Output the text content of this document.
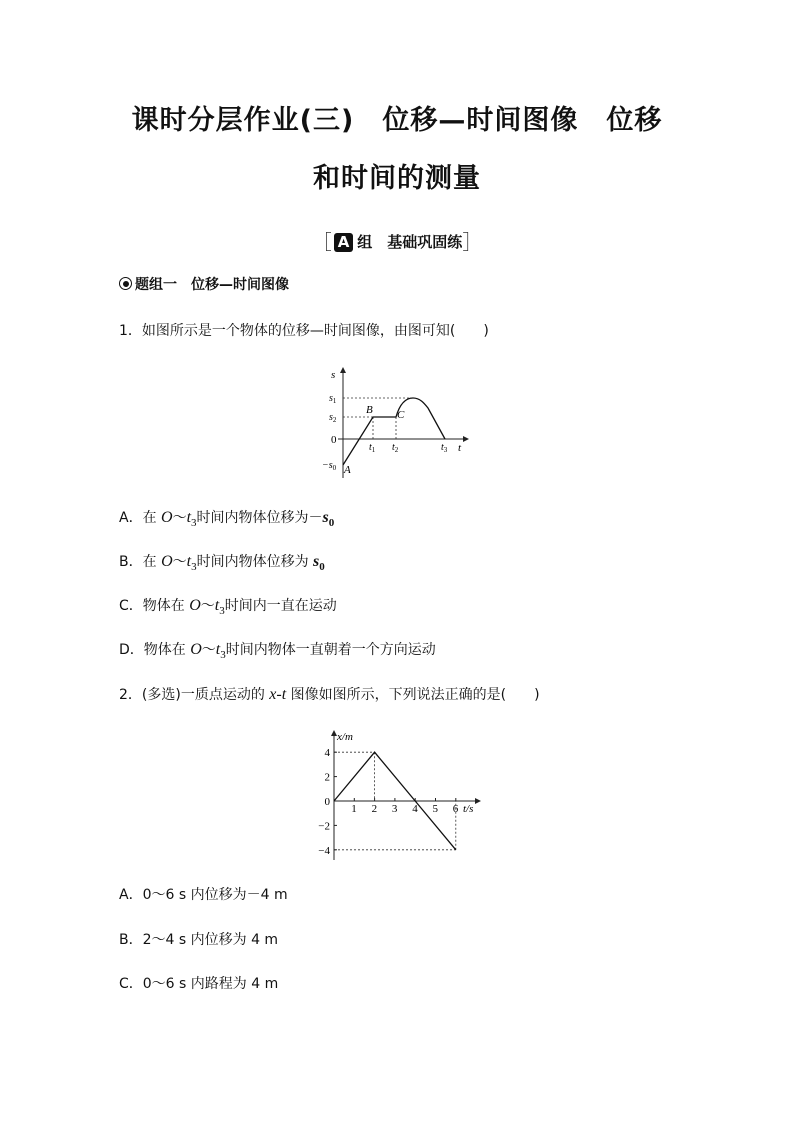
课时分层作业(三)　位移—时间图像　位移
和时间的测量
［ A 组　基础巩固练］
题组一　位移—时间图像
1．如图所示是一个物体的位移—时间图像，由图可知(　　)
s
t
$s_1$
$s_2$
0
$-s_0$
$t_1$ $t_2$	$t_3$
A
B C
A．在 $O\sim t_3$时间内物体位移为$-s_0$
B．在 $O\sim t_3$时间内物体位移为 $s_0$
C．物体在 $O\sim t_3$时间内一直在运动
D．物体在 $O\sim t_3$时间内物体一直朝着一个方向运动
2．(多选)一质点运动的 x-t 图像如图所示，下列说法正确的是(　　)
1 2 3 4 5 6
4
2
0
−2
−4
x/m
t/s
A．0～6 s 内位移为－4 m
B．2～4 s 内位移为 4 m
C．0～6 s 内路程为 4 m
